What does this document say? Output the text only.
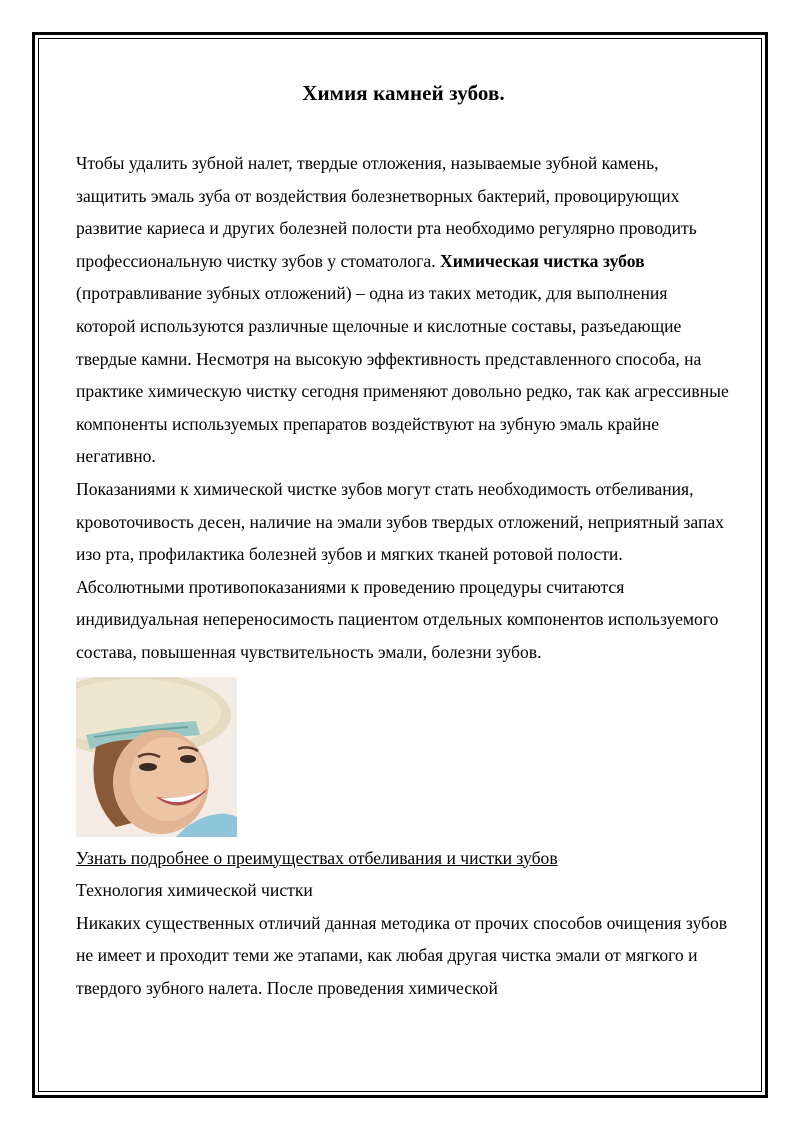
Химия камней зубов.

Чтобы удалить зубной налет, твердые отложения, называемые зубной камень, защитить эмаль зуба от воздействия болезнетворных бактерий, провоцирующих развитие кариеса и других болезней полости рта необходимо регулярно проводить профессиональную чистку зубов у стоматолога. Химическая чистка зубов (протравливание зубных отложений) – одна из таких методик, для выполнения которой используются различные щелочные и кислотные составы, разъедающие твердые камни. Несмотря на высокую эффективность представленного способа, на практике химическую чистку сегодня применяют довольно редко, так как агрессивные компоненты используемых препаратов воздействуют на зубную эмаль крайне негативно.

Показаниями к химической чистке зубов могут стать необходимость отбеливания, кровоточивость десен, наличие на эмали зубов твердых отложений, неприятный запах изо рта, профилактика болезней зубов и мягких тканей ротовой полости. Абсолютными противопоказаниями к проведению процедуры считаются индивидуальная непереносимость пациентом отдельных компонентов используемого состава, повышенная чувствительность эмали, болезни зубов.

Узнать подробнее о преимуществах отбеливания и чистки зубов

Технология химической чистки

Никаких существенных отличий данная методика от прочих способов очищения зубов не имеет и проходит теми же этапами, как любая другая чистка эмали от мягкого и твердого зубного налета. После проведения химической
